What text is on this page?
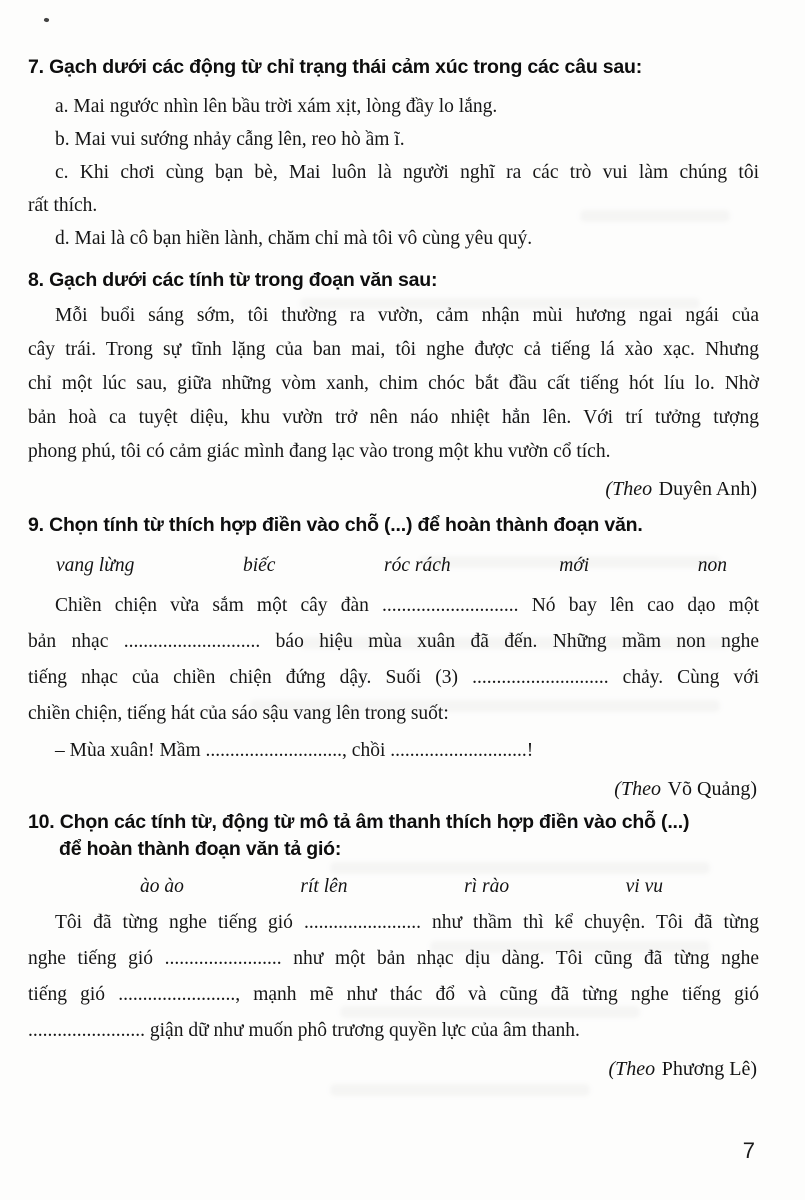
7. Gạch dưới các động từ chỉ trạng thái cảm xúc trong các câu sau:
a. Mai ngước nhìn lên bầu trời xám xịt, lòng đầy lo lắng.
b. Mai vui sướng nhảy cẫng lên, reo hò ầm ĩ.
c. Khi chơi cùng bạn bè, Mai luôn là người nghĩ ra các trò vui làm chúng tôi
rất thích.
d. Mai là cô bạn hiền lành, chăm chỉ mà tôi vô cùng yêu quý.
8. Gạch dưới các tính từ trong đoạn văn sau:
Mỗi buổi sáng sớm, tôi thường ra vườn, cảm nhận mùi hương ngai ngái của
cây trái. Trong sự tĩnh lặng của ban mai, tôi nghe được cả tiếng lá xào xạc. Nhưng
chỉ một lúc sau, giữa những vòm xanh, chim chóc bắt đầu cất tiếng hót líu lo. Nhờ
bản hoà ca tuyệt diệu, khu vườn trở nên náo nhiệt hẳn lên. Với trí tưởng tượng
phong phú, tôi có cảm giác mình đang lạc vào trong một khu vườn cổ tích.
(Theo Duyên Anh)
9. Chọn tính từ thích hợp điền vào chỗ (...) để hoàn thành đoạn văn.
vang lừng	biếc	róc rách	mới	non
Chiền chiện vừa sắm một cây đàn ............................ Nó bay lên cao dạo một
bản nhạc ............................ báo hiệu mùa xuân đã đến. Những mầm non nghe
tiếng nhạc của chiền chiện đứng dậy. Suối (3) ............................ chảy. Cùng với
chiền chiện, tiếng hát của sáo sậu vang lên trong suốt:
– Mùa xuân! Mầm ............................, chồi ............................!
(Theo Võ Quảng)
10. Chọn các tính từ, động từ mô tả âm thanh thích hợp điền vào chỗ (...)
để hoàn thành đoạn văn tả gió:
ào ào	rít lên	rì rào	vi vu
Tôi đã từng nghe tiếng gió ........................ như thầm thì kể chuyện. Tôi đã từng
nghe tiếng gió ........................ như một bản nhạc dịu dàng. Tôi cũng đã từng nghe
tiếng gió ........................, mạnh mẽ như thác đổ và cũng đã từng nghe tiếng gió
........................ giận dữ như muốn phô trương quyền lực của âm thanh.
(Theo Phương Lê)
7
